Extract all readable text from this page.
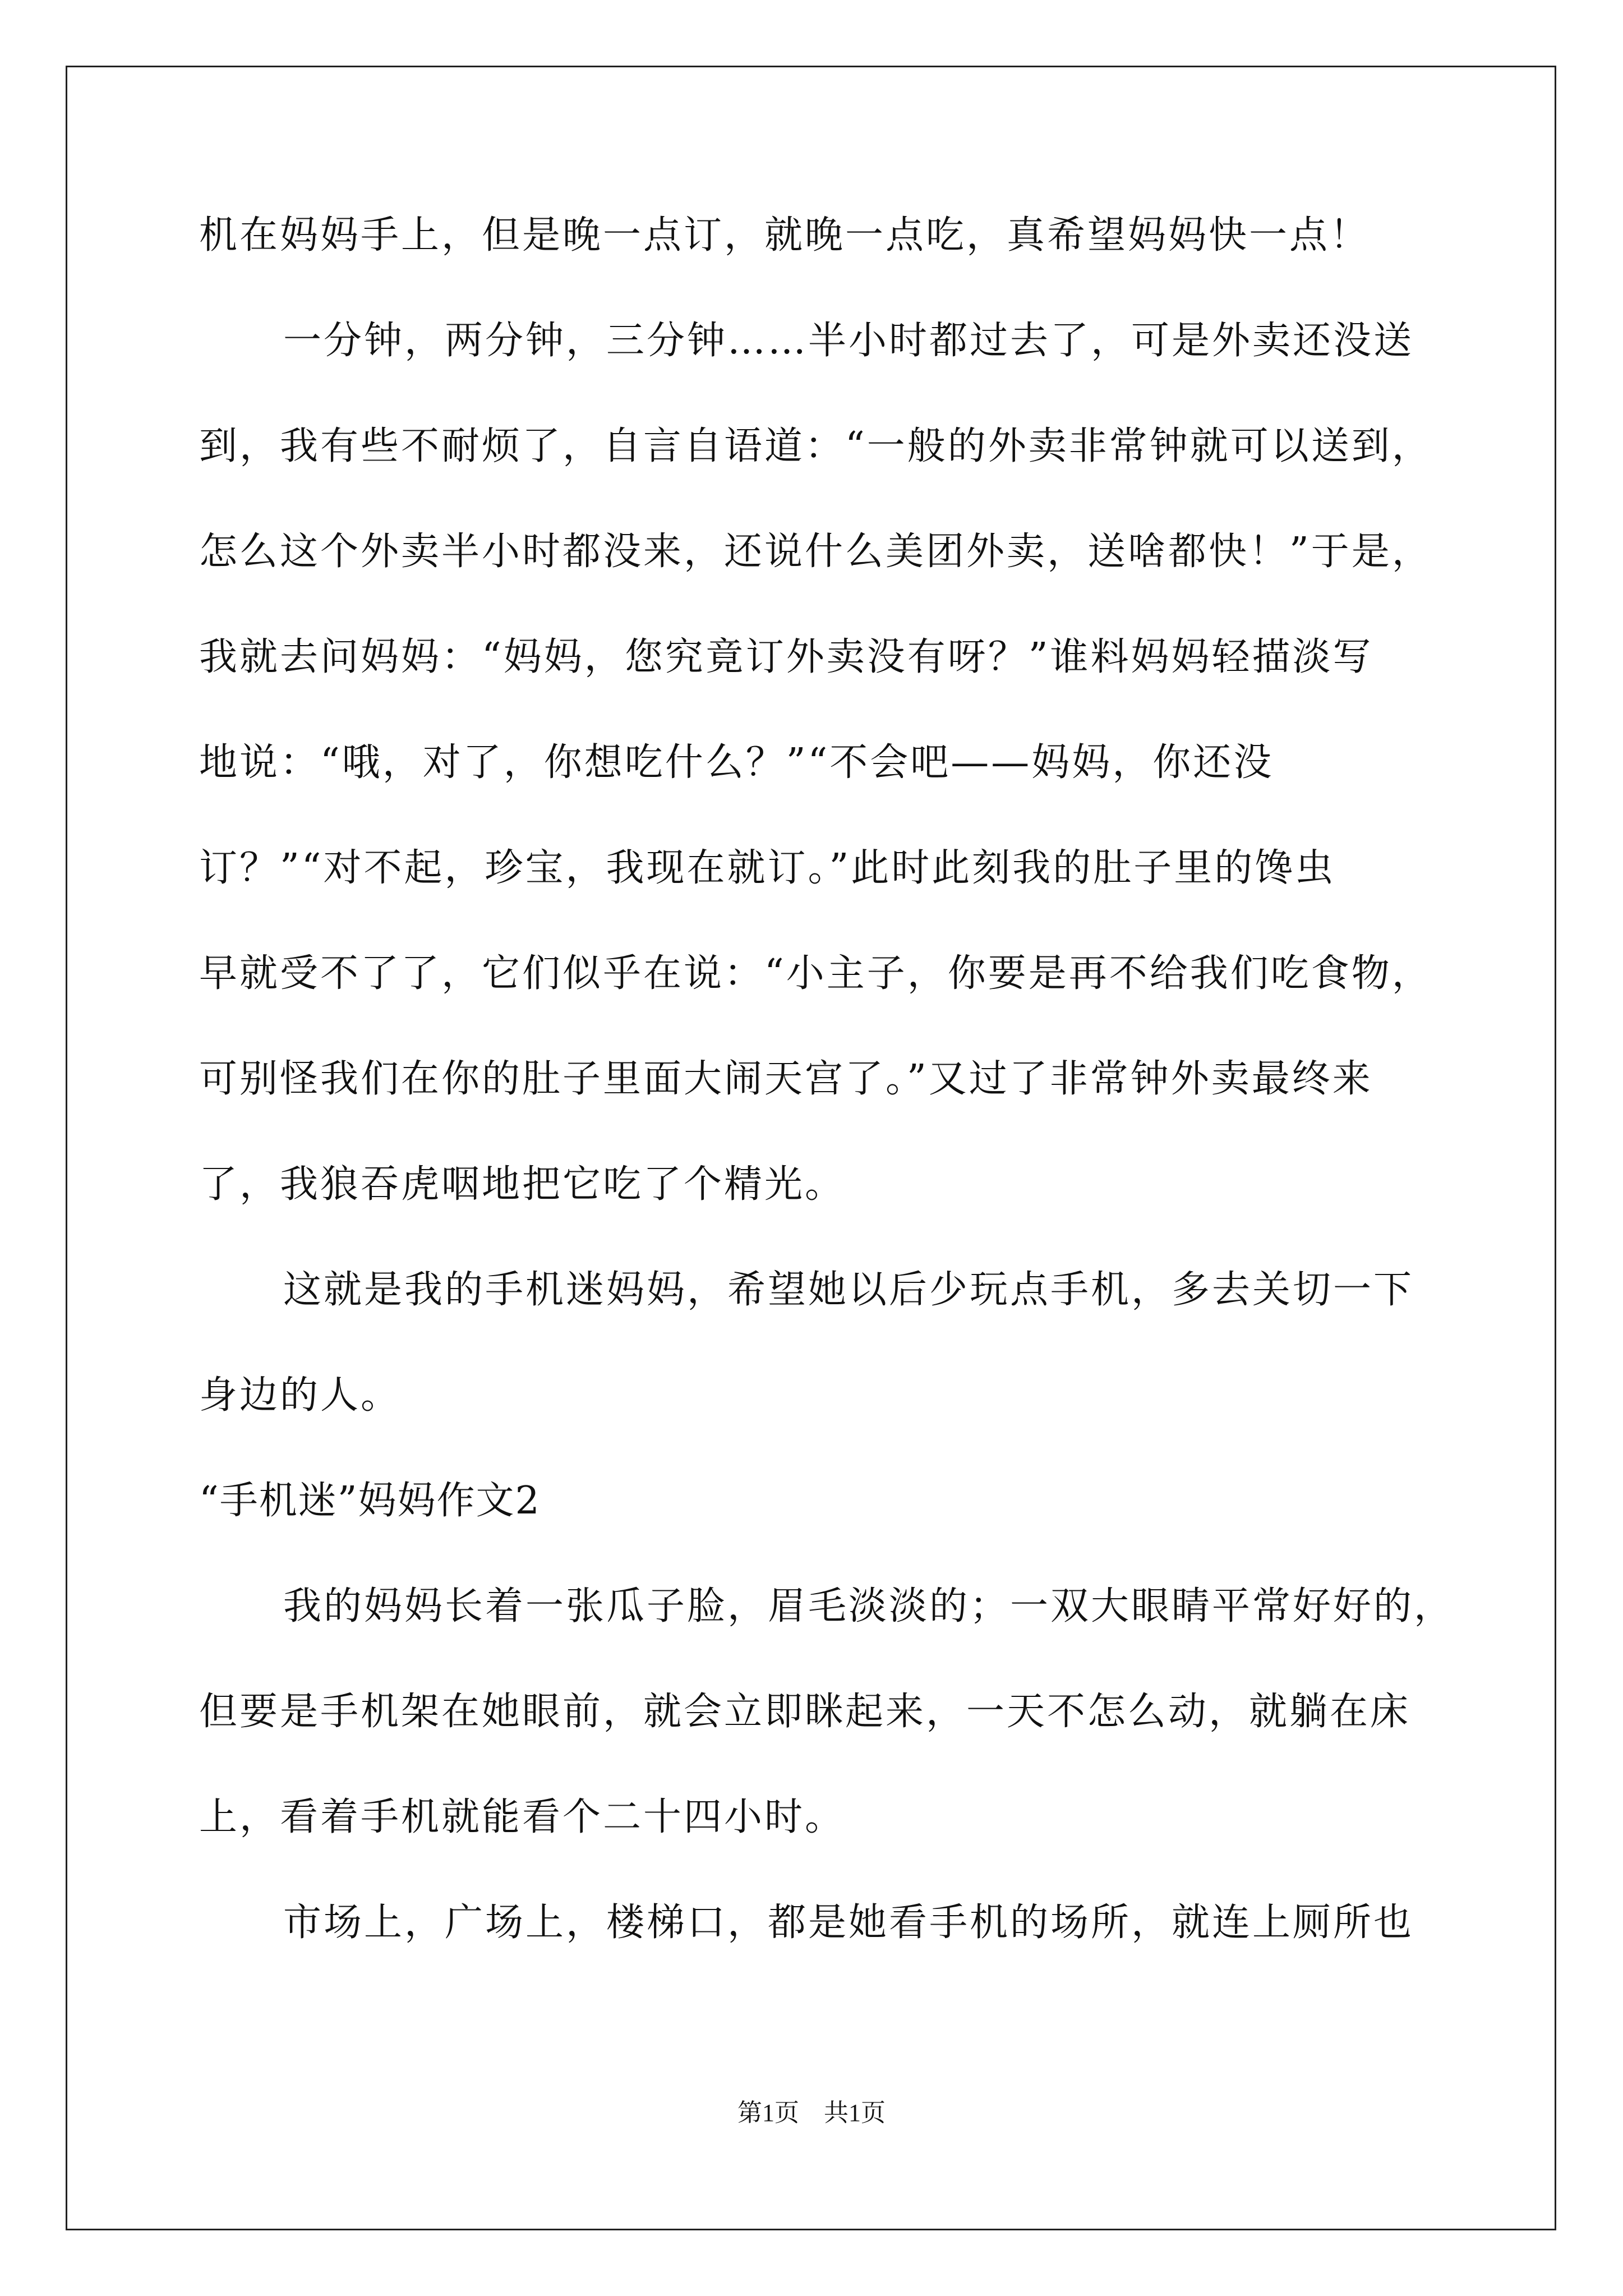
机在妈妈手上，但是晚一点订，就晚一点吃，真希望妈妈快一点！
一分钟，两分钟，三分钟……半小时都过去了，可是外卖还没送
到，我有些不耐烦了，自言自语道：“一般的外卖非常钟就可以送到，
怎么这个外卖半小时都没来，还说什么美团外卖，送啥都快！”于是，
我就去问妈妈：“妈妈，您究竟订外卖没有呀？”谁料妈妈轻描淡写
地说：“哦，对了，你想吃什么？”“不会吧——妈妈，你还没
订？”“对不起，珍宝，我现在就订。”此时此刻我的肚子里的馋虫
早就受不了了，它们似乎在说：“小主子，你要是再不给我们吃食物，
可别怪我们在你的肚子里面大闹天宫了。”又过了非常钟外卖最终来
了，我狼吞虎咽地把它吃了个精光。
这就是我的手机迷妈妈，希望她以后少玩点手机，多去关切一下
身边的人。
“手机迷”妈妈作文2
我的妈妈长着一张瓜子脸，眉毛淡淡的；一双大眼睛平常好好的，
但要是手机架在她眼前，就会立即眯起来，一天不怎么动，就躺在床
上，看着手机就能看个二十四小时。
市场上，广场上，楼梯口，都是她看手机的场所，就连上厕所也
第1页　共1页
